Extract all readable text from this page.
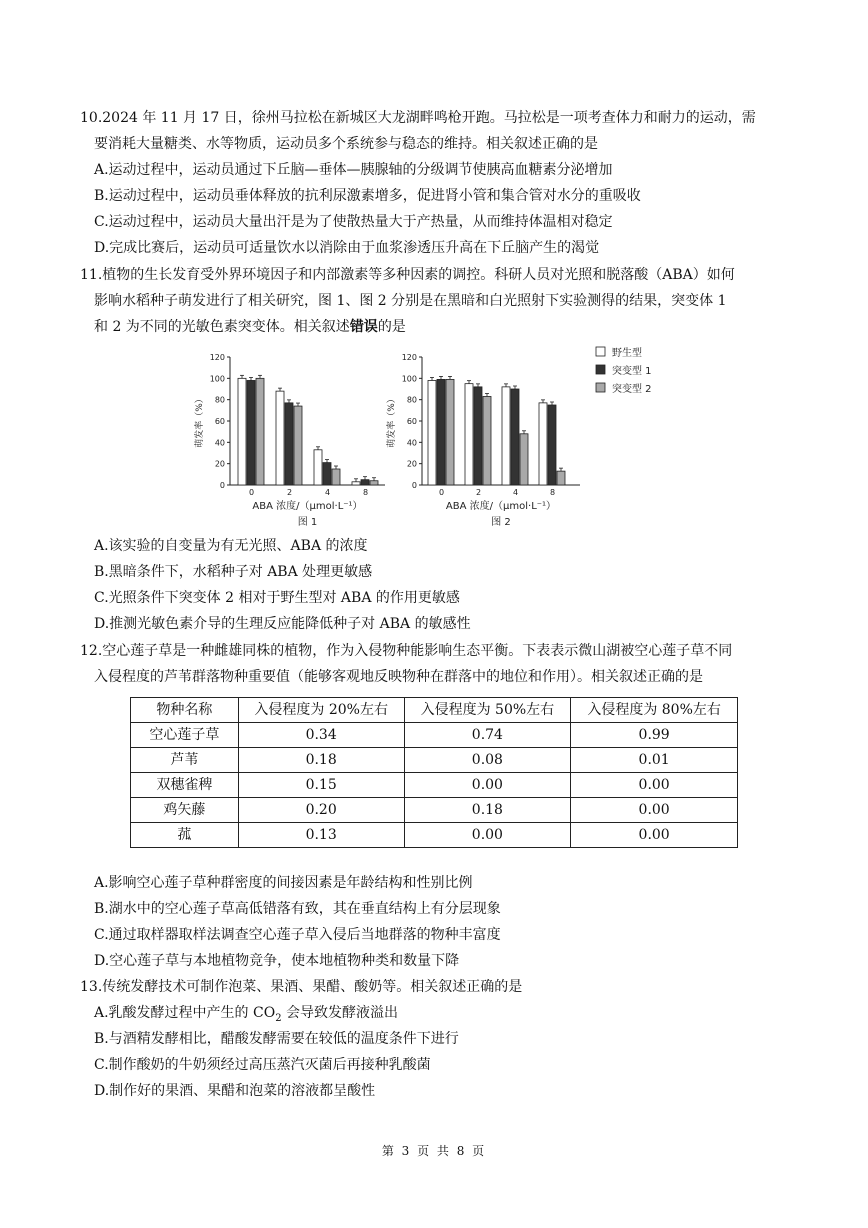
10.2024 年 11 月 17 日，徐州马拉松在新城区大龙湖畔鸣枪开跑。马拉松是一项考查体力和耐力的运动，需
要消耗大量糖类、水等物质，运动员多个系统参与稳态的维持。相关叙述正确的是
A.运动过程中，运动员通过下丘脑—垂体—胰腺轴的分级调节使胰高血糖素分泌增加
B.运动过程中，运动员垂体释放的抗利尿激素增多，促进肾小管和集合管对水分的重吸收
C.运动过程中，运动员大量出汗是为了使散热量大于产热量，从而维持体温相对稳定
D.完成比赛后，运动员可适量饮水以消除由于血浆渗透压升高在下丘脑产生的渴觉
11.植物的生长发育受外界环境因子和内部激素等多种因素的调控。科研人员对光照和脱落酸（ABA）如何
影响水稻种子萌发进行了相关研究，图 1、图 2 分别是在黑暗和白光照射下实验测得的结果，突变体 1
和 2 为不同的光敏色素突变体。相关叙述错误的是
0
20
40
60
80
100
120
萌发率（%）
0	2	4	8
ABA 浓度/（μmol·L⁻¹）
图 1
0
20
40
60
80
100
120
萌发率（%）
0	2	4	8
ABA 浓度/（μmol·L⁻¹）
图 2
野生型
突变型 1
突变型 2
A.该实验的自变量为有无光照、ABA 的浓度
B.黑暗条件下，水稻种子对 ABA 处理更敏感
C.光照条件下突变体 2 相对于野生型对 ABA 的作用更敏感
D.推测光敏色素介导的生理反应能降低种子对 ABA 的敏感性
12.空心莲子草是一种雌雄同株的植物，作为入侵物种能影响生态平衡。下表表示微山湖被空心莲子草不同
入侵程度的芦苇群落物种重要值（能够客观地反映物种在群落中的地位和作用）。相关叙述正确的是
物种名称	入侵程度为 20%左右	入侵程度为 50%左右	入侵程度为 80%左右
空心莲子草	0.34	0.74	0.99
芦苇	0.18	0.08	0.01
双穗雀稗	0.15	0.00	0.00
鸡矢藤	0.20	0.18	0.00
菰	0.13	0.00	0.00
A.影响空心莲子草种群密度的间接因素是年龄结构和性别比例
B.湖水中的空心莲子草高低错落有致，其在垂直结构上有分层现象
C.通过取样器取样法调查空心莲子草入侵后当地群落的物种丰富度
D.空心莲子草与本地植物竞争，使本地植物种类和数量下降
13.传统发酵技术可制作泡菜、果酒、果醋、酸奶等。相关叙述正确的是
A.乳酸发酵过程中产生的 $CO_2$ 会导致发酵液溢出
B.与酒精发酵相比，醋酸发酵需要在较低的温度条件下进行
C.制作酸奶的牛奶须经过高压蒸汽灭菌后再接种乳酸菌
D.制作好的果酒、果醋和泡菜的溶液都呈酸性
第 3 页 共 8 页
